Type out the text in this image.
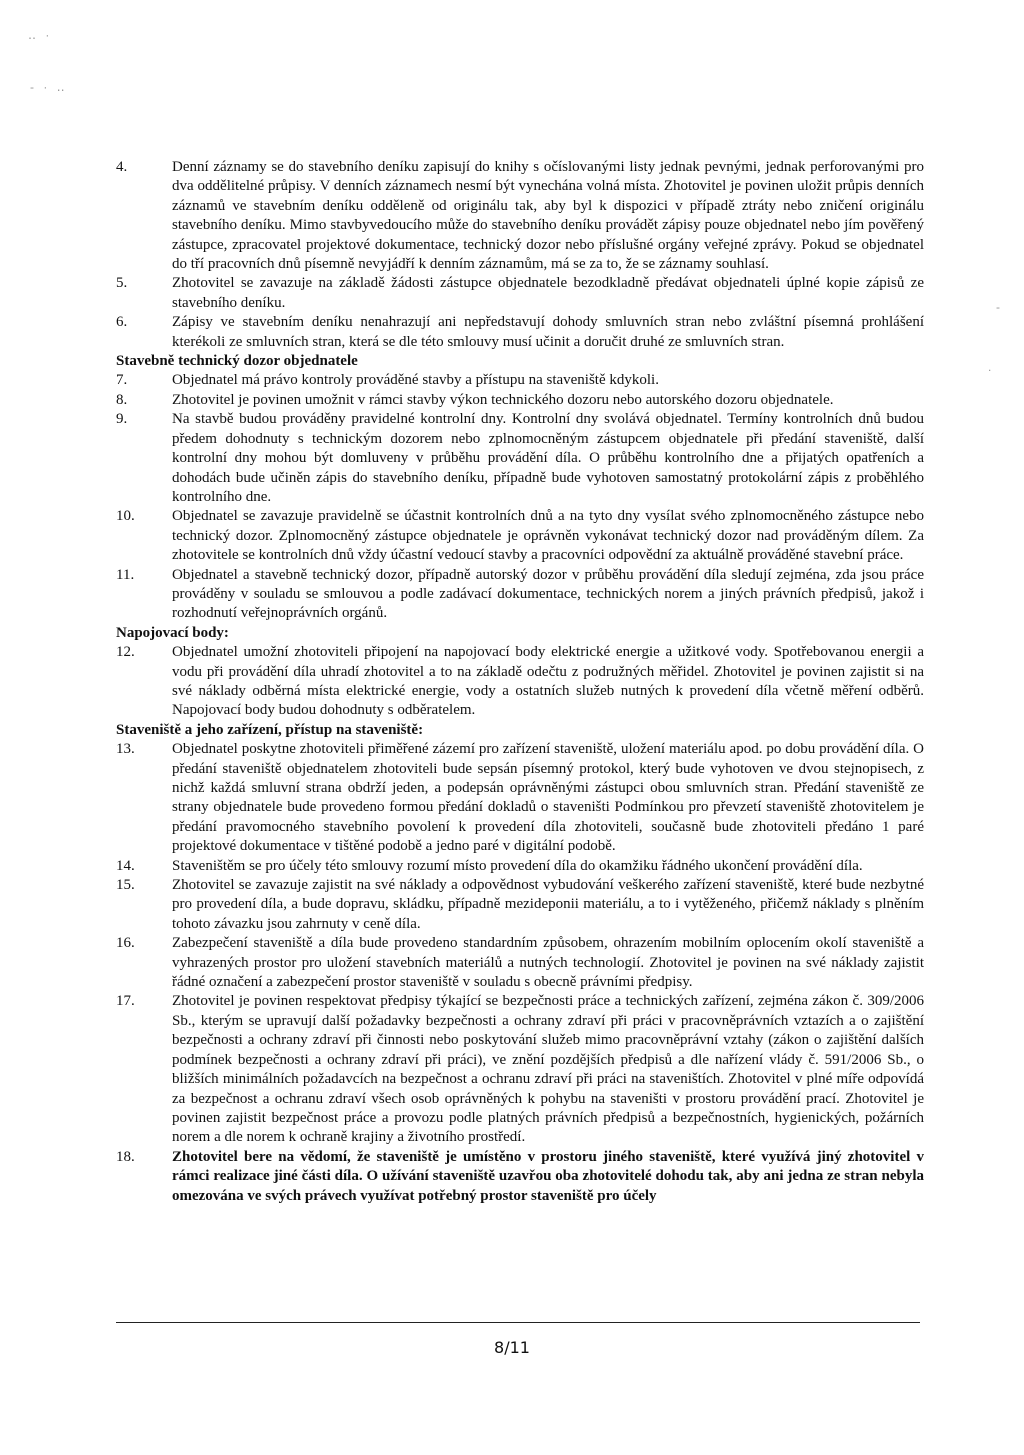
‥ ·
- · ‥
-
.
4.	Denní záznamy se do stavebního deníku zapisují do knihy s očíslovanými listy jednak pevnými, jednak perforovanými pro dva oddělitelné průpisy. V denních záznamech nesmí být vynechána volná místa. Zhotovitel je povinen uložit průpis denních záznamů ve stavebním deníku odděleně od originálu tak, aby byl k dispozici v případě ztráty nebo zničení originálu stavebního deníku. Mimo stavbyvedoucího může do stavebního deníku provádět zápisy pouze objednatel nebo jím pověřený zástupce, zpracovatel projektové dokumentace, technický dozor nebo příslušné orgány veřejné zprávy. Pokud se objednatel do tří pracovních dnů písemně nevyjádří k denním záznamům, má se za to, že se záznamy souhlasí.
5.	Zhotovitel se zavazuje na základě žádosti zástupce objednatele bezodkladně předávat objednateli úplné kopie zápisů ze stavebního deníku.
6.	Zápisy ve stavebním deníku nenahrazují ani nepředstavují dohody smluvních stran nebo zvláštní písemná prohlášení kterékoli ze smluvních stran, která se dle této smlouvy musí učinit a doručit druhé ze smluvních stran.
Stavebně technický dozor objednatele
7.	Objednatel má právo kontroly prováděné stavby a přístupu na staveniště kdykoli.
8.	Zhotovitel je povinen umožnit v rámci stavby výkon technického dozoru nebo autorského dozoru objednatele.
9.	Na stavbě budou prováděny pravidelné kontrolní dny. Kontrolní dny svolává objednatel. Termíny kontrolních dnů budou předem dohodnuty s technickým dozorem nebo zplnomocněným zástupcem objednatele při předání staveniště, další kontrolní dny mohou být domluveny v průběhu provádění díla. O průběhu kontrolního dne a přijatých opatřeních a dohodách bude učiněn zápis do stavebního deníku, případně bude vyhotoven samostatný protokolární zápis z proběhlého kontrolního dne.
10.	Objednatel se zavazuje pravidelně se účastnit kontrolních dnů a na tyto dny vysílat svého zplnomocněného zástupce nebo technický dozor. Zplnomocněný zástupce objednatele je oprávněn vykonávat technický dozor nad prováděným dílem. Za zhotovitele se kontrolních dnů vždy účastní vedoucí stavby a pracovníci odpovědní za aktuálně prováděné stavební práce.
11.	Objednatel a stavebně technický dozor, případně autorský dozor v průběhu provádění díla sledují zejména, zda jsou práce prováděny v souladu se smlouvou a podle zadávací dokumentace, technických norem a jiných právních předpisů, jakož i rozhodnutí veřejnoprávních orgánů.
Napojovací body:
12.	Objednatel umožní zhotoviteli připojení na napojovací body elektrické energie a užitkové vody. Spotřebovanou energii a vodu při provádění díla uhradí zhotovitel a to na základě odečtu z podružných měřidel. Zhotovitel je povinen zajistit si na své náklady odběrná místa elektrické energie, vody a ostatních služeb nutných k provedení díla včetně měření odběrů. Napojovací body budou dohodnuty s odběratelem.
Staveniště a jeho zařízení, přístup na staveniště:
13.	Objednatel poskytne zhotoviteli přiměřené zázemí pro zařízení staveniště, uložení materiálu apod. po dobu provádění díla. O předání staveniště objednatelem zhotoviteli bude sepsán písemný protokol, který bude vyhotoven ve dvou stejnopisech, z nichž každá smluvní strana obdrží jeden, a podepsán oprávněnými zástupci obou smluvních stran. Předání staveniště ze strany objednatele bude provedeno formou předání dokladů o staveništi Podmínkou pro převzetí staveniště zhotovitelem je předání pravomocného stavebního povolení k provedení díla zhotoviteli, současně bude zhotoviteli předáno 1 paré projektové dokumentace v tištěné podobě a jedno paré v digitální podobě.
14.	Staveništěm se pro účely této smlouvy rozumí místo provedení díla do okamžiku řádného ukončení provádění díla.
15.	Zhotovitel se zavazuje zajistit na své náklady a odpovědnost vybudování veškerého zařízení staveniště, které bude nezbytné pro provedení díla, a bude dopravu, skládku, případně mezideponii materiálu, a to i vytěženého, přičemž náklady s plněním tohoto závazku jsou zahrnuty v ceně díla.
16.	Zabezpečení staveniště a díla bude provedeno standardním způsobem, ohrazením mobilním oplocením okolí staveniště a vyhrazených prostor pro uložení stavebních materiálů a nutných technologií. Zhotovitel je povinen na své náklady zajistit řádné označení a zabezpečení prostor staveniště v souladu s obecně právními předpisy.
17.	Zhotovitel je povinen respektovat předpisy týkající se bezpečnosti práce a technických zařízení, zejména zákon č. 309/2006 Sb., kterým se upravují další požadavky bezpečnosti a ochrany zdraví při práci v pracovněprávních vztazích a o zajištění bezpečnosti a ochrany zdraví při činnosti nebo poskytování služeb mimo pracovněprávní vztahy (zákon o zajištění dalších podmínek bezpečnosti a ochrany zdraví při práci), ve znění pozdějších předpisů a dle nařízení vlády č. 591/2006 Sb., o bližších minimálních požadavcích na bezpečnost a ochranu zdraví při práci na staveništích. Zhotovitel v plné míře odpovídá za bezpečnost a ochranu zdraví všech osob oprávněných k pohybu na staveništi v prostoru provádění prací. Zhotovitel je povinen zajistit bezpečnost práce a provozu podle platných právních předpisů a bezpečnostních, hygienických, požárních norem a dle norem k ochraně krajiny a životního prostředí.
18.	Zhotovitel bere na vědomí, že staveniště je umístěno v prostoru jiného staveniště, které využívá jiný zhotovitel v rámci realizace jiné části díla. O užívání staveniště uzavřou oba zhotovitelé dohodu tak, aby ani jedna ze stran nebyla omezována ve svých právech využívat potřebný prostor staveniště pro účely
8/11
